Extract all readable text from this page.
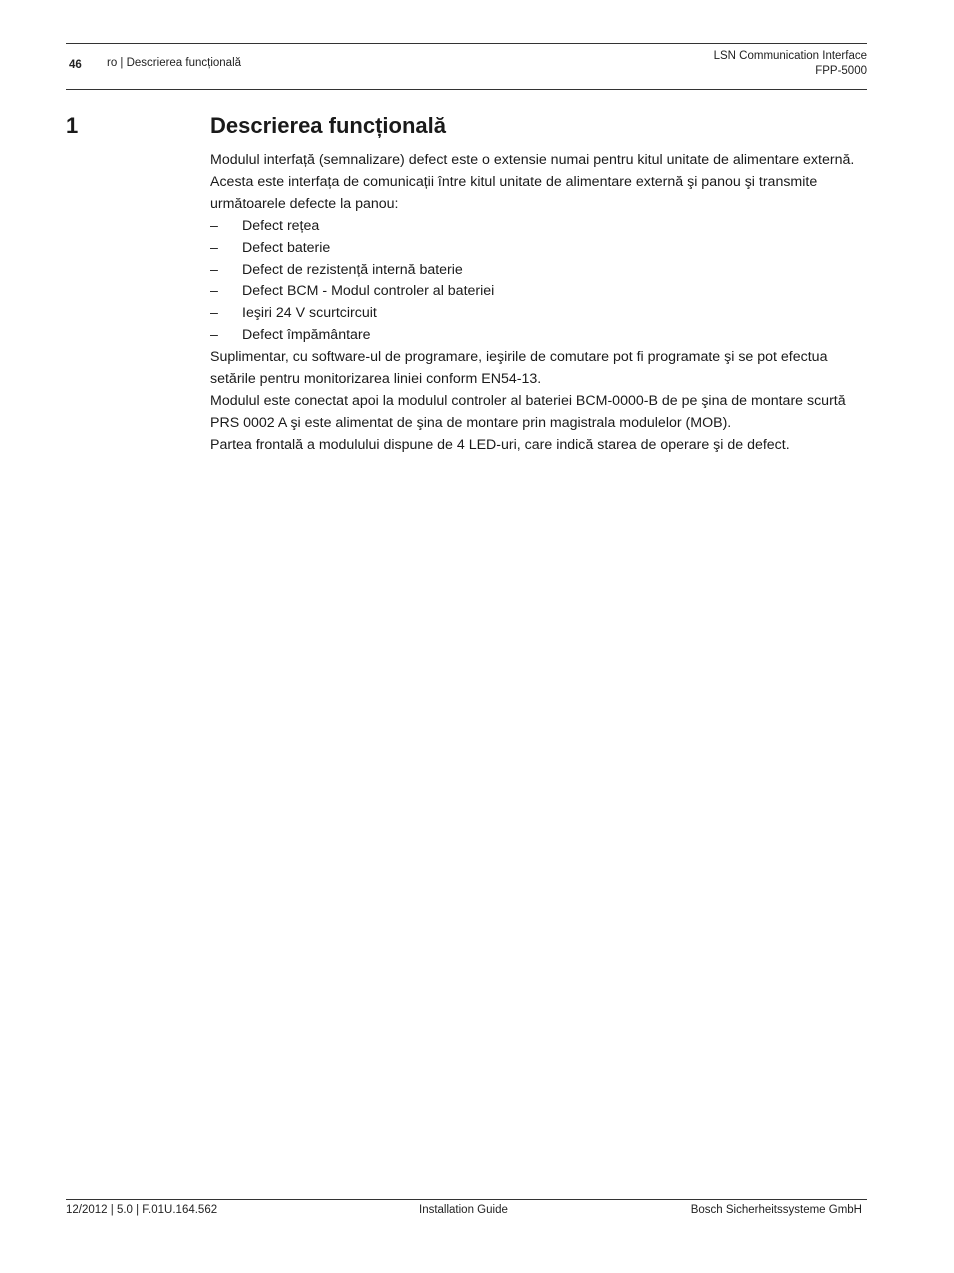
46 ro | Descrierea funcțională
LSN Communication Interface
FPP-5000
1	Descrierea funcțională

Modulul interfață (semnalizare) defect este o extensie numai pentru kitul unitate de alimentare externă. Acesta este interfața de comunicații între kitul unitate de alimentare externă şi panou şi transmite următoarele defecte la panou:

– Defect rețea
– Defect baterie
– Defect de rezistență internă baterie
– Defect BCM - Modul controler al bateriei
– Ieşiri 24 V scurtcircuit
– Defect împământare

Suplimentar, cu software-ul de programare, ieşirile de comutare pot fi programate şi se pot efectua setările pentru monitorizarea liniei conform EN54-13.

Modulul este conectat apoi la modulul controler al bateriei BCM-0000-B de pe şina de montare scurtă PRS 0002 A şi este alimentat de şina de montare prin magistrala modulelor (MOB).

Partea frontală a modulului dispune de 4 LED-uri, care indică starea de operare şi de defect.

12/2012 | 5.0 | F.01U.164.562	Installation Guide	Bosch Sicherheitssysteme GmbH
